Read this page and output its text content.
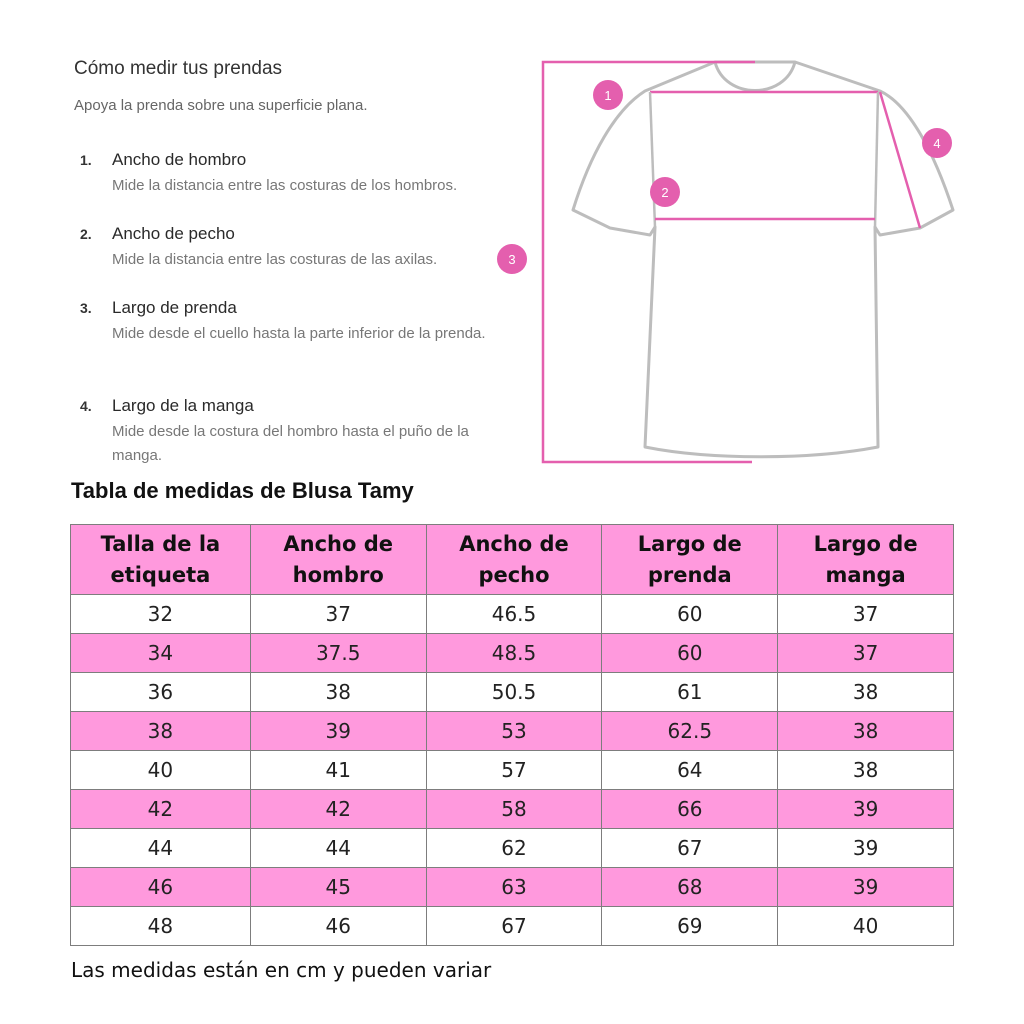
Cómo medir tus prendas
Apoya la prenda sobre una superficie plana.
1. Ancho de hombro
Mide la distancia entre las costuras de los hombros.
2. Ancho de pecho
Mide la distancia entre las costuras de las axilas.
3. Largo de prenda
Mide desde el cuello hasta la parte inferior de la prenda.
4. Largo de la manga
Mide desde la costura del hombro hasta el puño de la manga.
1
2
3
4
Tabla de medidas de Blusa Tamy
Talla de la etiqueta	Ancho de hombro	Ancho de pecho	Largo de prenda	Largo de manga
32	37	46.5	60	37
34	37.5	48.5	60	37
36	38	50.5	61	38
38	39	53	62.5	38
40	41	57	64	38
42	42	58	66	39
44	44	62	67	39
46	45	63	68	39
48	46	67	69	40
Las medidas están en cm y pueden variar
